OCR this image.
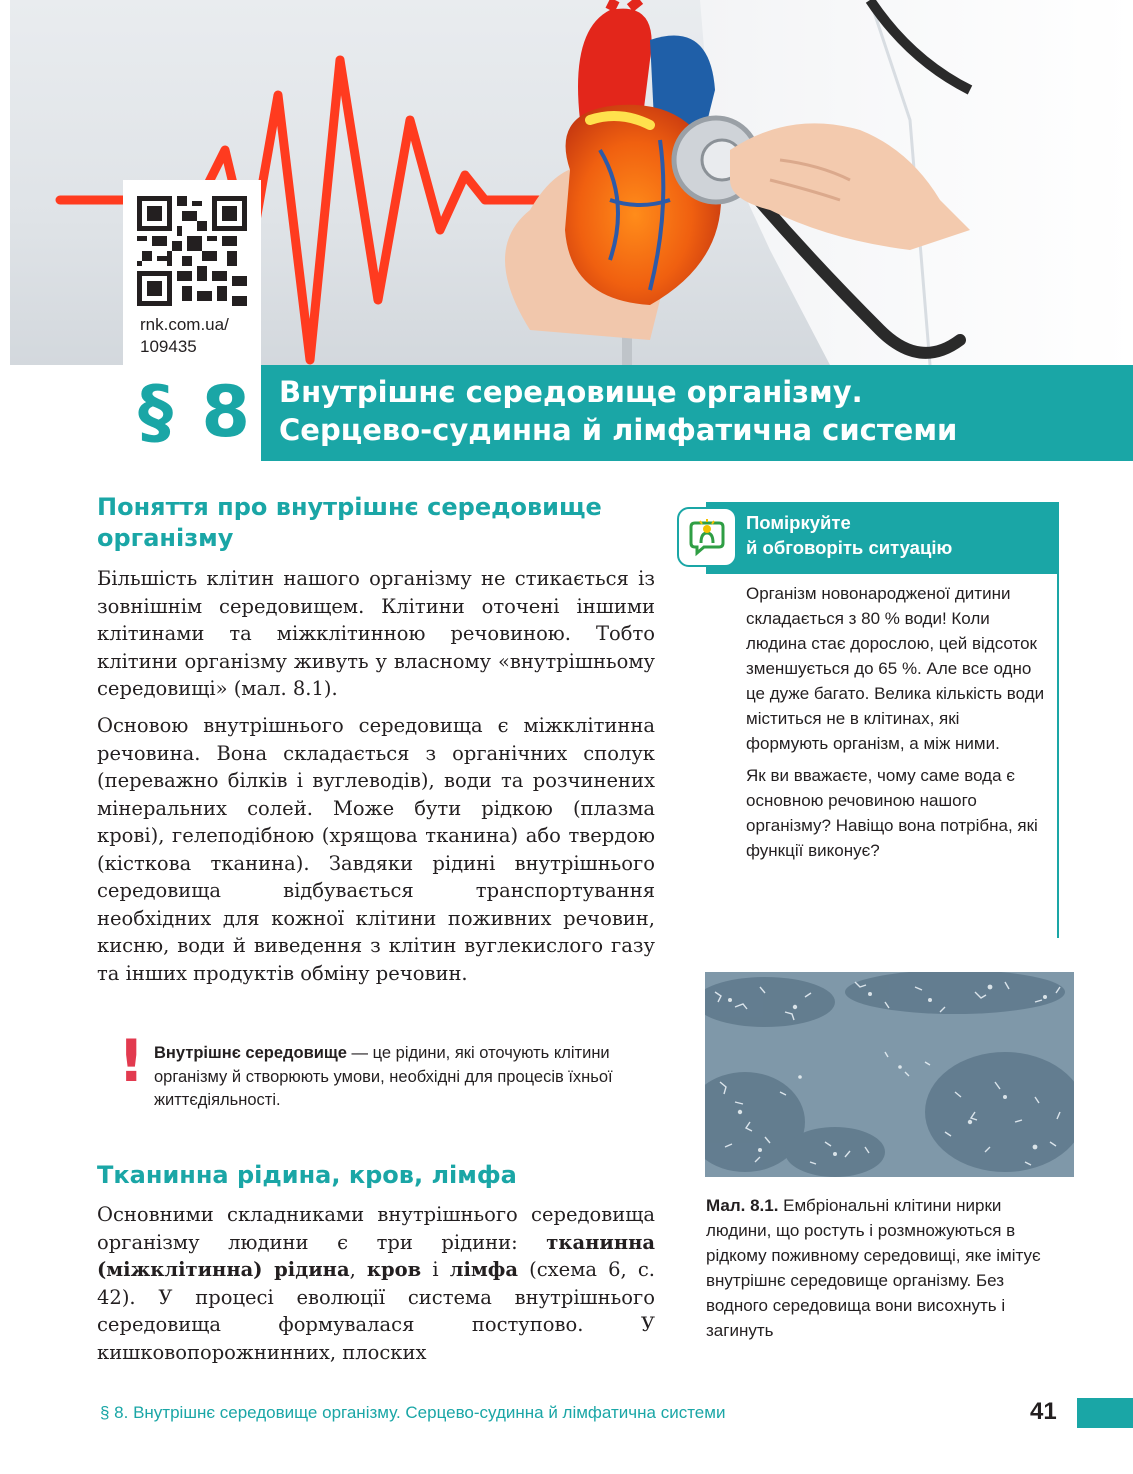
rnk.com.ua/
109435
§ 8 Внутрішнє середовище організму.
Серцево-судинна й лімфатична системи
Поняття про внутрішнє середовище
організму

Більшість клітин нашого організму не стикається із зовнішнім середовищем. Клітини оточені іншими клітинами та міжклітинною речовиною. Тобто клітини організму живуть у власному «внутрішньому середовищі» (мал. 8.1).

Основою внутрішнього середовища є міжклітинна речовина. Вона складається з органічних сполук (переважно білків і вуглеводів), води та розчинених мінеральних солей. Може бути рідкою (плазма крові), гелеподібною (хрящова тканина) або твердою (кісткова тканина). Завдяки рідині внутрішнього середовища відбувається транспортування необхідних для кожної клітини поживних речовин, кисню, води й виведення з клітин вуглекислого газу та інших продуктів обміну речовин.

! Внутрішнє середовище — це рідини, які оточують клітини організму й створюють умови, необхідні для процесів їхньої життєдіяльності.
Тканинна рідина, кров, лімфа

Основними складниками внутрішнього середовища організму людини є три рідини: тканинна (міжклітинна) рідина, кров і лімфа (схема 6, с. 42). У процесі еволюції система внутрішнього середовища формувалася поступово. У кишковопорожнинних, плоских

Поміркуйте
й обговоріть ситуацію

Організм новонародженої дитини складається з 80 % води! Коли людина стає дорослою, цей відсоток зменшується до 65 %. Але все одно це дуже багато. Велика кількість води міститься не в клітинах, які формують організм, а між ними.

Як ви вважаєте, чому саме вода є основною речовиною нашого організму? Навіщо вона потрібна, які функції виконує?

Мал. 8.1. Ембріональні клітини нирки людини, що ростуть і розмножуються в рідкому поживному середовищі, яке імітує внутрішнє середовище організму. Без водного середовища вони висохнуть і загинуть
§ 8. Внутрішнє середовище організму. Серцево-судинна й лімфатична системи	41
